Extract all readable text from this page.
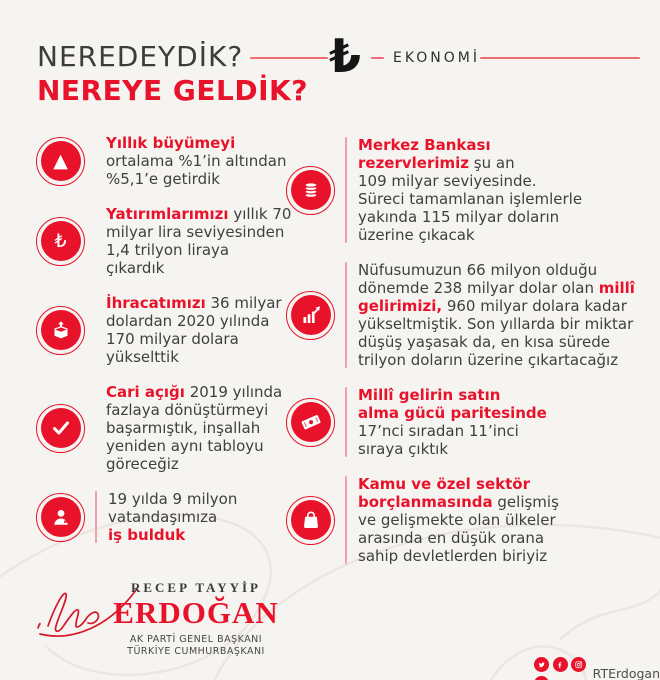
NEREDEYDİK?
NEREYE GELDİK?
₺ EKONOMİ
▲
Yıllık büyümeyi
ortalama %1’in altından
%5,1’e getirdik
₺
Yatırımlarımızı yıllık 70
milyar lira seviyesinden
1,4 trilyon liraya
çıkardık
İhracatımızı 36 milyar
dolardan 2020 yılında
170 milyar dolara
yükselttik
Cari açığı 2019 yılında
fazlaya dönüştürmeyi
başarmıştık, inşallah
yeniden aynı tabloyu
göreceğiz
19 yılda 9 milyon
vatandaşımıza
iş bulduk
Merkez Bankası
rezervlerimiz şu an
109 milyar seviyesinde.
Süreci tamamlanan işlemlerle
yakında 115 milyar doların
üzerine çıkacak
Nüfusumuzun 66 milyon olduğu
dönemde 238 milyar dolar olan millî
gelirimizi, 960 milyar dolara kadar
yükseltmiştik. Son yıllarda bir miktar
düşüş yaşasak da, en kısa sürede
trilyon doların üzerine çıkartacağız
Millî gelirin satın
alma gücü paritesinde
17’nci sıradan 11’inci
sıraya çıktık
Kamu ve özel sektör
borçlanmasında gelişmiş
ve gelişmekte olan ülkeler
arasında en düşük orana
sahip devletlerden biriyiz
RECEP TAYYİP
ERDOĞAN
AK PARTİ GENEL BAŞKANI
TÜRKİYE CUMHURBAŞKANI
RTErdogan
